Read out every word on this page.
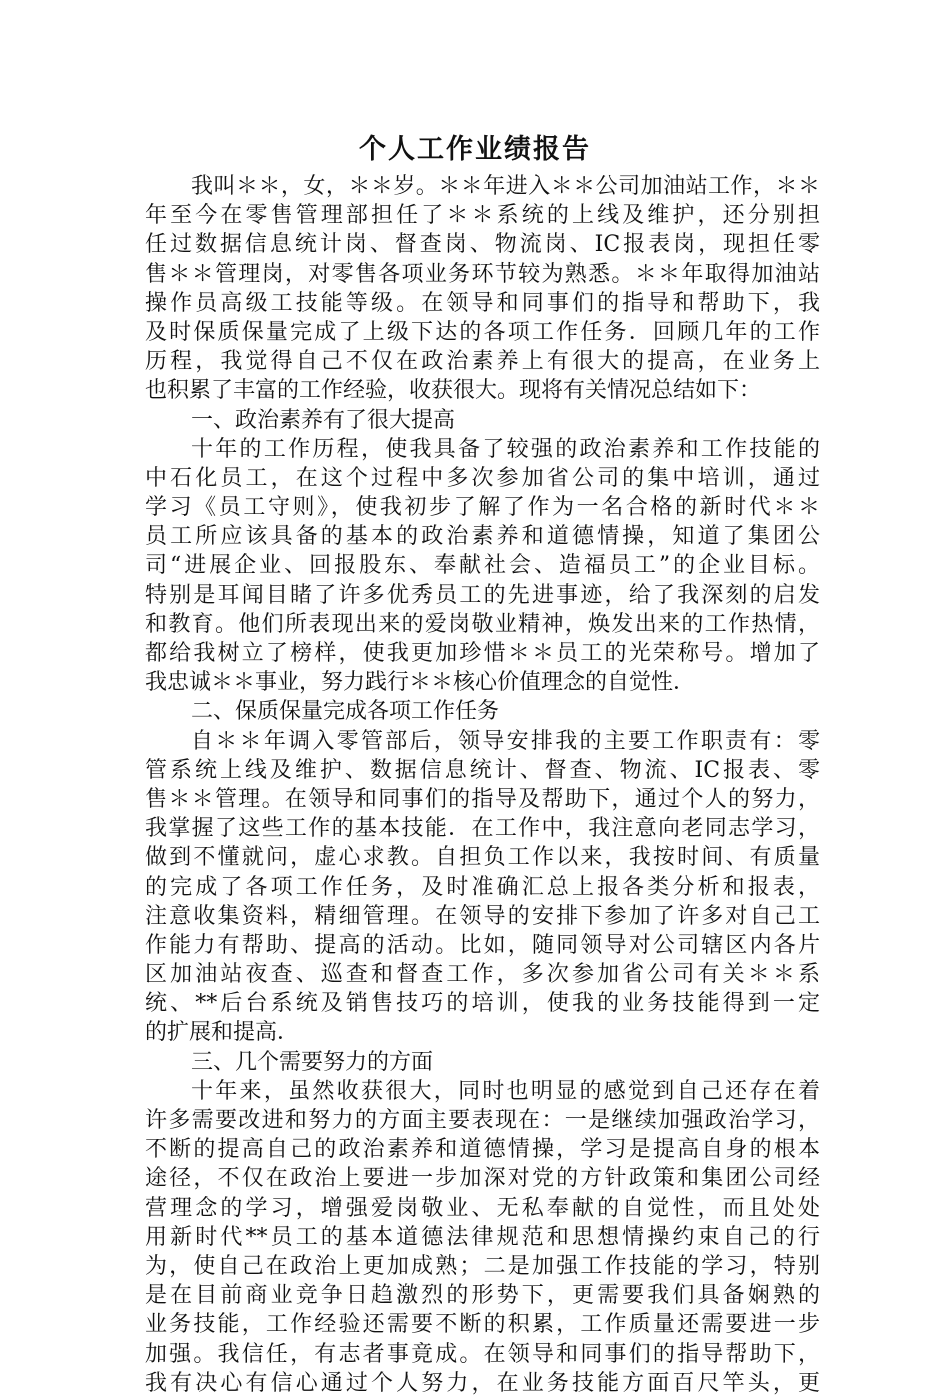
个人工作业绩报告
我叫＊＊，女，＊＊岁。＊＊年进入＊＊公司加油站工作，＊＊
年至今在零售管理部担任了＊＊系统的上线及维护，还分别担
任过数据信息统计岗、督查岗、物流岗、IC报表岗，现担任零
售＊＊管理岗，对零售各项业务环节较为熟悉。＊＊年取得加油站
操作员高级工技能等级。在领导和同事们的指导和帮助下，我
及时保质保量完成了上级下达的各项工作任务．回顾几年的工作
历程，我觉得自己不仅在政治素养上有很大的提高，在业务上
也积累了丰富的工作经验，收获很大。现将有关情况总结如下：
一、政治素养有了很大提高
十年的工作历程，使我具备了较强的政治素养和工作技能的
中石化员工，在这个过程中多次参加省公司的集中培训，通过
学习《员工守则》，使我初步了解了作为一名合格的新时代＊＊
员工所应该具备的基本的政治素养和道德情操，知道了集团公
司“进展企业、回报股东、奉献社会、造福员工”的企业目标。
特别是耳闻目睹了许多优秀员工的先进事迹，给了我深刻的启发
和教育。他们所表现出来的爱岗敬业精神，焕发出来的工作热情，
都给我树立了榜样，使我更加珍惜＊＊员工的光荣称号。增加了
我忠诚＊＊事业，努力践行＊＊核心价值理念的自觉性．
二、保质保量完成各项工作任务
自＊＊年调入零管部后，领导安排我的主要工作职责有：零
管系统上线及维护、数据信息统计、督查、物流、IC报表、零
售＊＊管理。在领导和同事们的指导及帮助下，通过个人的努力，
我掌握了这些工作的基本技能．在工作中，我注意向老同志学习，
做到不懂就问，虚心求教。自担负工作以来，我按时间、有质量
的完成了各项工作任务，及时准确汇总上报各类分析和报表，
注意收集资料，精细管理。在领导的安排下参加了许多对自己工
作能力有帮助、提高的活动。比如，随同领导对公司辖区内各片
区加油站夜查、巡查和督查工作，多次参加省公司有关＊＊系
统、**后台系统及销售技巧的培训，使我的业务技能得到一定
的扩展和提高．
三、几个需要努力的方面
十年来，虽然收获很大，同时也明显的感觉到自己还存在着
许多需要改进和努力的方面主要表现在：一是继续加强政治学习，
不断的提高自己的政治素养和道德情操，学习是提高自身的根本
途径，不仅在政治上要进一步加深对党的方针政策和集团公司经
营理念的学习，增强爱岗敬业、无私奉献的自觉性，而且处处
用新时代**员工的基本道德法律规范和思想情操约束自己的行
为，使自己在政治上更加成熟；二是加强工作技能的学习，特别
是在目前商业竞争日趋激烈的形势下，更需要我们具备娴熟的
业务技能，工作经验还需要不断的积累，工作质量还需要进一步
加强。我信任，有志者事竟成。在领导和同事们的指导帮助下，
我有决心有信心通过个人努力，在业务技能方面百尺竿头，更
